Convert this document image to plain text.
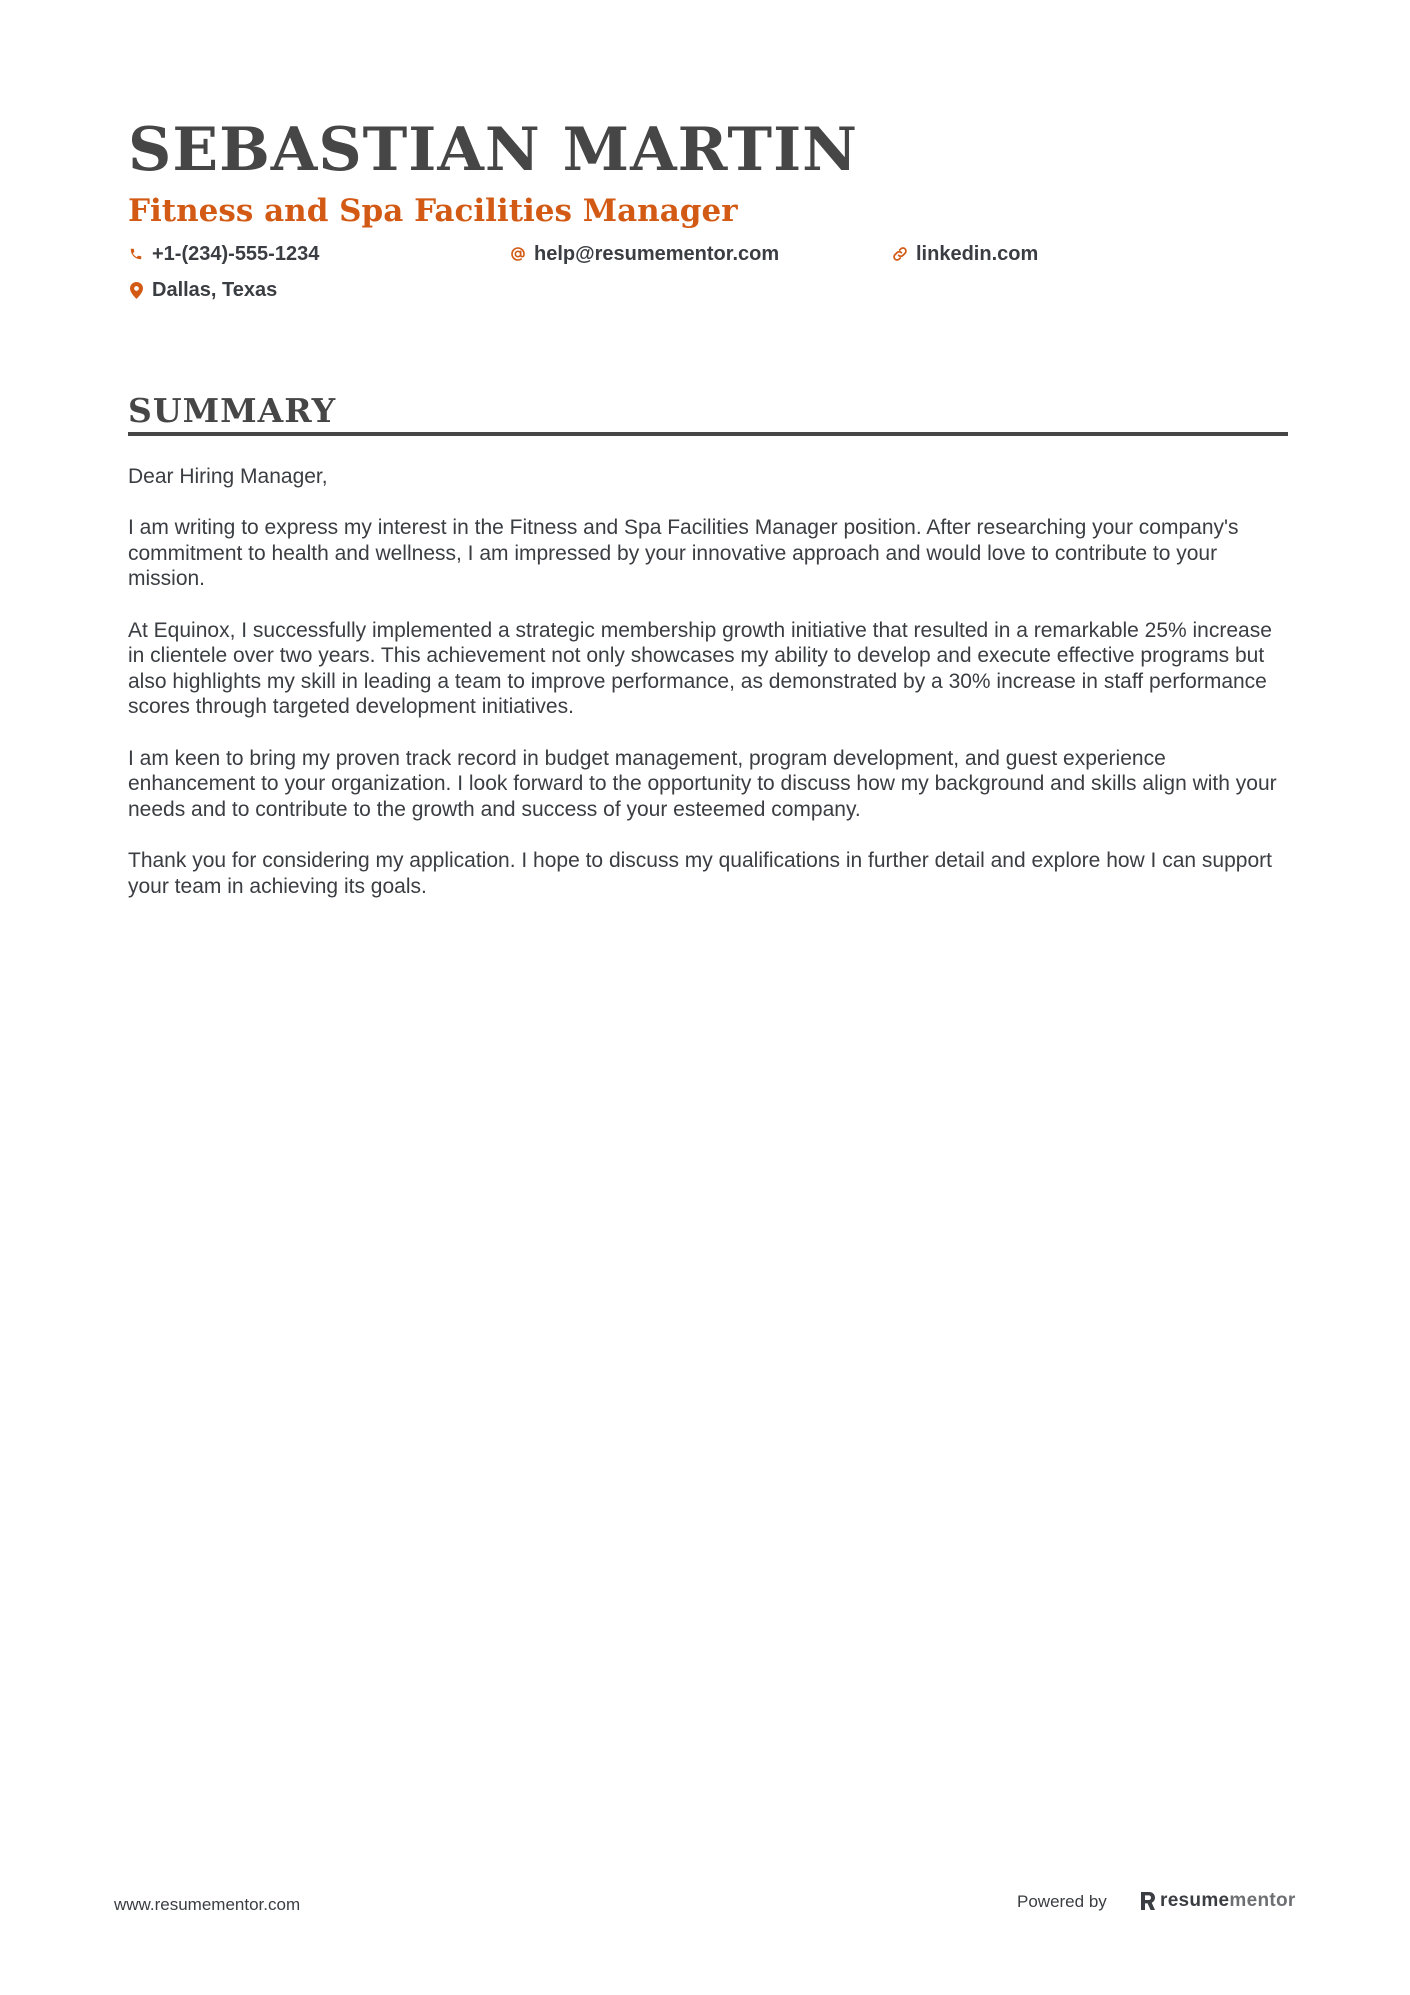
SEBASTIAN MARTIN
Fitness and Spa Facilities Manager
+1-(234)-555-1234	help@resumementor.com	linkedin.com
Dallas, Texas
SUMMARY

Dear Hiring Manager,

I am writing to express my interest in the Fitness and Spa Facilities Manager position. After researching your company's commitment to health and wellness, I am impressed by your innovative approach and would love to contribute to your mission.

At Equinox, I successfully implemented a strategic membership growth initiative that resulted in a remarkable 25% increase in clientele over two years. This achievement not only showcases my ability to develop and execute effective programs but also highlights my skill in leading a team to improve performance, as demonstrated by a 30% increase in staff performance scores through targeted development initiatives.

I am keen to bring my proven track record in budget management, program development, and guest experience enhancement to your organization. I look forward to the opportunity to discuss how my background and skills align with your needs and to contribute to the growth and success of your esteemed company.

Thank you for considering my application. I hope to discuss my qualifications in further detail and explore how I can support your team in achieving its goals.

www.resumementor.com	Powered by	resumementor
